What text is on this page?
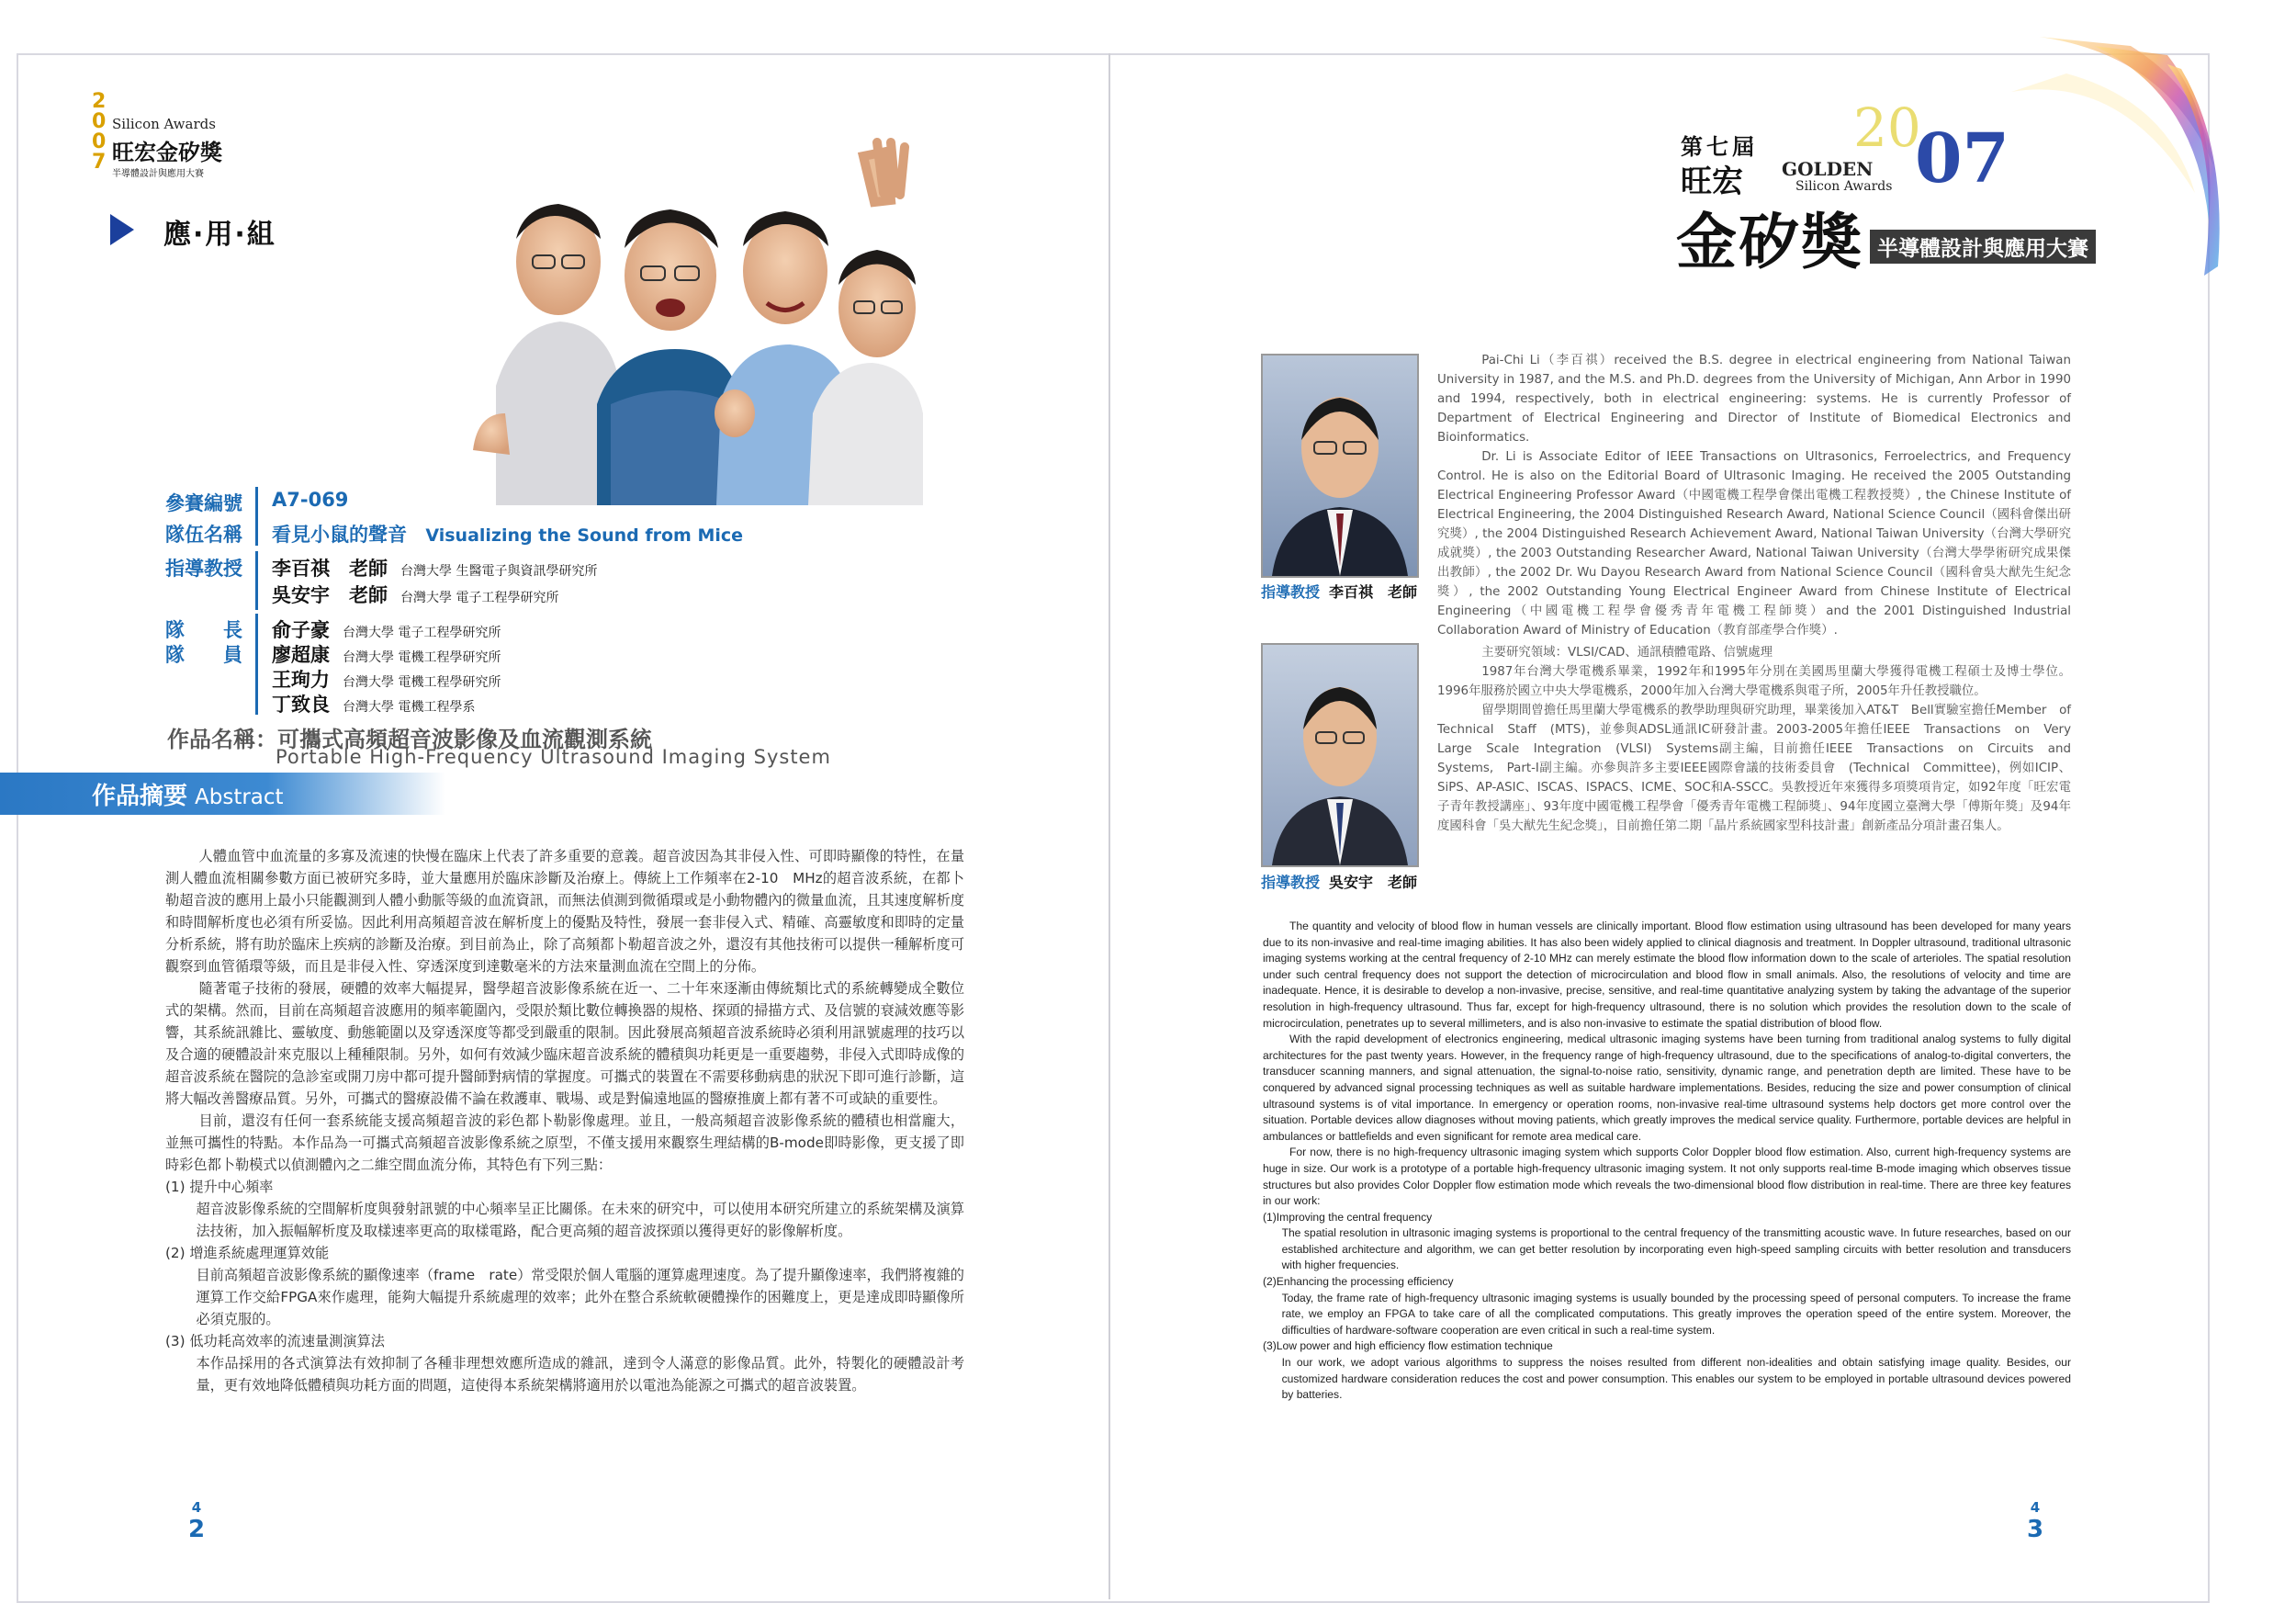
2
0
0
7
Silicon Awards
旺宏金矽獎
半導體設計與應用大賽
應·用·組
參賽編號
隊伍名稱
A7-069
看見小鼠的聲音 Visualizing the Sound from Mice
指導教授 李百祺　老師 台灣大學 生醫電子與資訊學研究所
吳安宇　老師 台灣大學 電子工程學研究所
隊　　長
隊　　員
俞子豪 台灣大學 電子工程學研究所
廖超康 台灣大學 電機工程學研究所
王珣力 台灣大學 電機工程學研究所
丁致良 台灣大學 電機工程學系
作品名稱：可攜式高頻超音波影像及血流觀測系統
Portable High-Frequency Ultrasound Imaging System
作品摘要 Abstract

人體血管中血流量的多寡及流速的快慢在臨床上代表了許多重要的意義。超音波因為其非侵入性、可即時顯像的特性，在量測人體血流相關參數方面已被研究多時，並大量應用於臨床診斷及治療上。傳統上工作頻率在2-10　MHz的超音波系統，在都卜勒超音波的應用上最小只能觀測到人體小動脈等級的血流資訊，而無法偵測到微循環或是小動物體內的微量血流，且其速度解析度和時間解析度也必須有所妥協。因此利用高頻超音波在解析度上的優點及特性，發展一套非侵入式、精確、高靈敏度和即時的定量分析系統，將有助於臨床上疾病的診斷及治療。到目前為止，除了高頻都卜勒超音波之外，還沒有其他技術可以提供一種解析度可觀察到血管循環等級，而且是非侵入性、穿透深度到達數毫米的方法來量測血流在空間上的分佈。

隨著電子技術的發展，硬體的效率大幅提昇，醫學超音波影像系統在近一、二十年來逐漸由傳統類比式的系統轉變成全數位式的架構。然而，目前在高頻超音波應用的頻率範圍內，受限於類比數位轉換器的規格、探頭的掃描方式、及信號的衰減效應等影響，其系統訊雜比、靈敏度、動態範圍以及穿透深度等都受到嚴重的限制。因此發展高頻超音波系統時必須利用訊號處理的技巧以及合適的硬體設計來克服以上種種限制。另外，如何有效減少臨床超音波系統的體積與功耗更是一重要趨勢，非侵入式即時成像的超音波系統在醫院的急診室或開刀房中都可提升醫師對病情的掌握度。可攜式的裝置在不需要移動病患的狀況下即可進行診斷，這將大幅改善醫療品質。另外，可攜式的醫療設備不論在救護車、戰場、或是對偏遠地區的醫療推廣上都有著不可或缺的重要性。

目前，還沒有任何一套系統能支援高頻超音波的彩色都卜勒影像處理。並且，一般高頻超音波影像系統的體積也相當龐大，並無可攜性的特點。本作品為一可攜式高頻超音波影像系統之原型，不僅支援用來觀察生理結構的B-mode即時影像，更支援了即時彩色都卜勒模式以偵測體內之二維空間血流分佈，其特色有下列三點：

(1) 提升中心頻率

超音波影像系統的空間解析度與發射訊號的中心頻率呈正比關係。在未來的研究中，可以使用本研究所建立的系統架構及演算法技術，加入振幅解析度及取樣速率更高的取樣電路，配合更高頻的超音波探頭以獲得更好的影像解析度。

(2) 增進系統處理運算效能

目前高頻超音波影像系統的顯像速率（frame　rate）常受限於個人電腦的運算處理速度。為了提升顯像速率，我們將複雜的運算工作交給FPGA來作處理，能夠大幅提升系統處理的效率；此外在整合系統軟硬體操作的困難度上，更是達成即時顯像所必須克服的。

(3) 低功耗高效率的流速量測演算法

本作品採用的各式演算法有效抑制了各種非理想效應所造成的雜訊，達到令人滿意的影像品質。此外，特製化的硬體設計考量，更有效地降低體積與功耗方面的問題，這使得本系統架構將適用於以電池為能源之可攜式的超音波裝置。

4
2
20
07
第七屆
旺宏 GOLDEN
Silicon Awards
金矽獎 半導體設計與應用大賽
指導教授 李百祺　老師

Pai-Chi Li（李百祺）received the B.S. degree in electrical engineering from National Taiwan University in 1987, and the M.S. and Ph.D. degrees from the University of Michigan, Ann Arbor in 1990 and 1994, respectively, both in electrical engineering: systems. He is currently Professor of Department of Electrical Engineering and Director of Institute of Biomedical Electronics and Bioinformatics.

Dr. Li is Associate Editor of IEEE Transactions on Ultrasonics, Ferroelectrics, and Frequency Control. He is also on the Editorial Board of Ultrasonic Imaging. He received the 2005 Outstanding Electrical Engineering Professor Award（中國電機工程學會傑出電機工程教授獎）, the Chinese Institute of Electrical Engineering, the 2004 Distinguished Research Award, National Science Council（國科會傑出研究獎）, the 2004 Distinguished Research Achievement Award, National Taiwan University（台灣大學研究成就獎）, the 2003 Outstanding Researcher Award, National Taiwan University（台灣大學學術研究成果傑出教師）, the 2002 Dr. Wu Dayou Research Award from National Science Council（國科會吳大猷先生紀念獎）, the 2002 Outstanding Young Electrical Engineer Award from Chinese Institute of Electrical Engineering（中國電機工程學會優秀青年電機工程師獎）and the 2001 Distinguished Industrial Collaboration Award of Ministry of Education（教育部產學合作獎）.

指導教授 吳安宇　老師

主要研究領域：VLSI/CAD、通訊積體電路、信號處理

1987年台灣大學電機系畢業，1992年和1995年分別在美國馬里蘭大學獲得電機工程碩士及博士學位。1996年服務於國立中央大學電機系，2000年加入台灣大學電機系與電子所，2005年升任教授職位。

留學期間曾擔任馬里蘭大學電機系的教學助理與研究助理，畢業後加入AT&T　Bell實驗室擔任Member　of　Technical　Staff　(MTS)，並參與ADSL通訊IC研發計畫。2003-2005年擔任IEEE　Transactions　on　Very　Large　Scale　Integration　(VLSI)　Systems副主編，目前擔任IEEE　Transactions　on　Circuits　and　Systems,　Part-I副主編。亦參與許多主要IEEE國際會議的技術委員會　(Technical　Committee)，例如ICIP、SiPS、AP-ASIC、ISCAS、ISPACS、ICME、SOC和A-SSCC。吳教授近年來獲得多項獎項肯定，如92年度「旺宏電子青年教授講座」、93年度中國電機工程學會「優秀青年電機工程師獎」、94年度國立臺灣大學「傅斯年獎」及94年度國科會「吳大猷先生紀念獎」，目前擔任第二期「晶片系統國家型科技計畫」創新產品分項計畫召集人。

The quantity and velocity of blood flow in human vessels are clinically important. Blood flow estimation using ultrasound has been developed for many years due to its non-invasive and real-time imaging abilities. It has also been widely applied to clinical diagnosis and treatment. In Doppler ultrasound, traditional ultrasonic imaging systems working at the central frequency of 2-10 MHz can merely estimate the blood flow information down to the scale of arterioles. The spatial resolution under such central frequency does not support the detection of microcirculation and blood flow in small animals. Also, the resolutions of velocity and time are inadequate. Hence, it is desirable to develop a non-invasive, precise, sensitive, and real-time quantitative analyzing system by taking the advantage of the superior resolution in high-frequency ultrasound. Thus far, except for high-frequency ultrasound, there is no solution which provides the resolution down to the scale of microcirculation, penetrates up to several millimeters, and is also non-invasive to estimate the spatial distribution of blood flow.

With the rapid development of electronics engineering, medical ultrasonic imaging systems have been turning from traditional analog systems to fully digital architectures for the past twenty years. However, in the frequency range of high-frequency ultrasound, due to the specifications of analog-to-digital converters, the transducer scanning manners, and signal attenuation, the signal-to-noise ratio, sensitivity, dynamic range, and penetration depth are limited. These have to be conquered by advanced signal processing techniques as well as suitable hardware implementations. Besides, reducing the size and power consumption of clinical ultrasound systems is of vital importance. In emergency or operation rooms, non-invasive real-time ultrasound systems help doctors get more control over the situation. Portable devices allow diagnoses without moving patients, which greatly improves the medical service quality. Furthermore, portable devices are helpful in ambulances or battlefields and even significant for remote area medical care.

For now, there is no high-frequency ultrasonic imaging system which supports Color Doppler blood flow estimation. Also, current high-frequency systems are huge in size. Our work is a prototype of a portable high-frequency ultrasonic imaging system. It not only supports real-time B-mode imaging which observes tissue structures but also provides Color Doppler flow estimation mode which reveals the two-dimensional blood flow distribution in real-time. There are three key features in our work:

(1)Improving the central frequency

The spatial resolution in ultrasonic imaging systems is proportional to the central frequency of the transmitting acoustic wave. In future researches, based on our established architecture and algorithm, we can get better resolution by incorporating even high-speed sampling circuits with better resolution and transducers with higher frequencies.

(2)Enhancing the processing efficiency

Today, the frame rate of high-frequency ultrasonic imaging systems is usually bounded by the processing speed of personal computers. To increase the frame rate, we employ an FPGA to take care of all the complicated computations. This greatly improves the operation speed of the entire system. Moreover, the difficulties of hardware-software cooperation are even critical in such a real-time system.

(3)Low power and high efficiency flow estimation technique

In our work, we adopt various algorithms to suppress the noises resulted from different non-idealities and obtain satisfying image quality. Besides, our customized hardware consideration reduces the cost and power consumption. This enables our system to be employed in portable ultrasound devices powered by batteries.

4
3
